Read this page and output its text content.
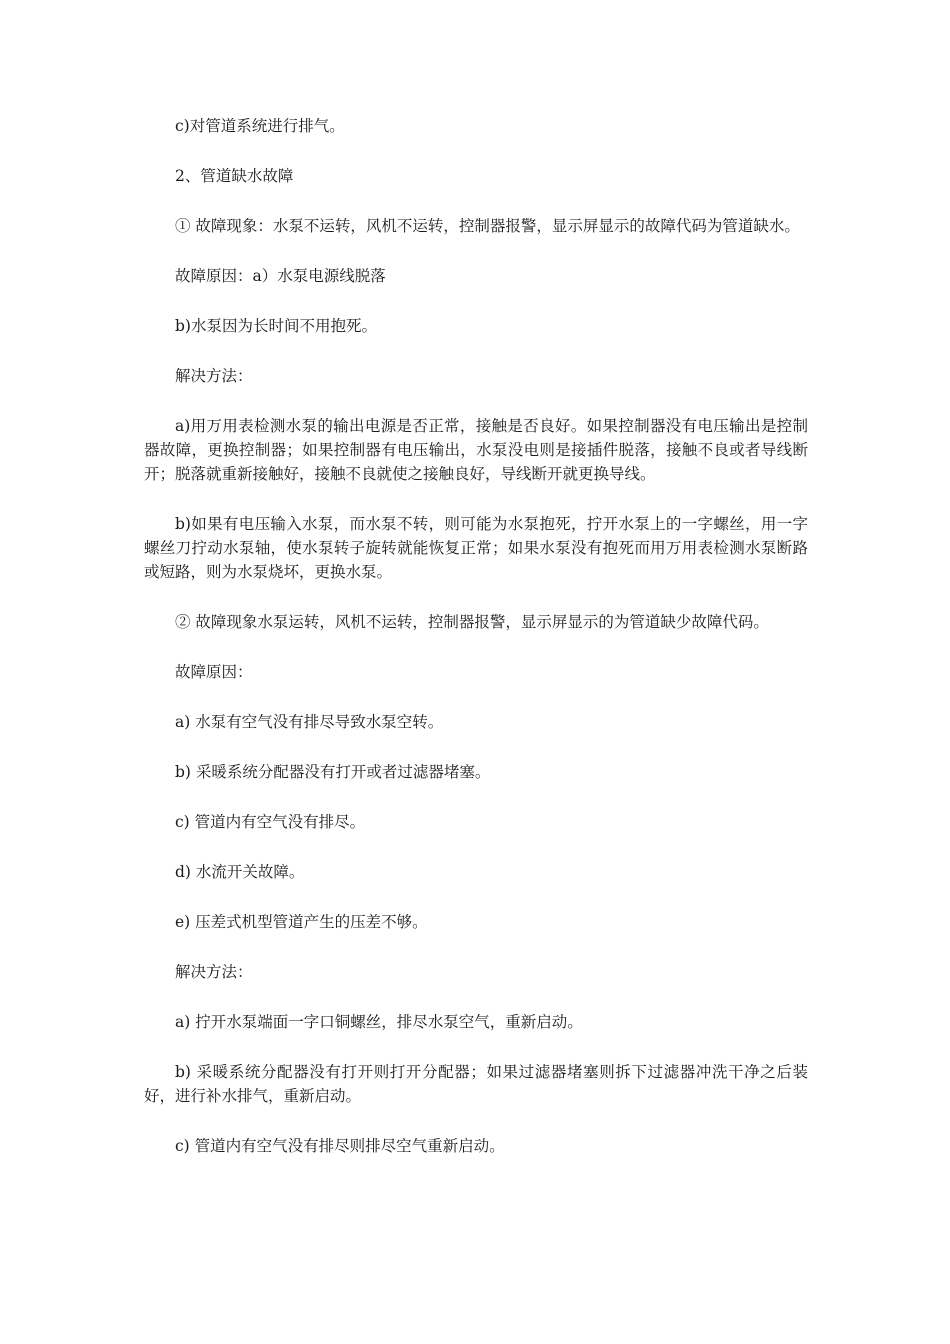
c)对管道系统进行排气。

2、管道缺水故障

① 故障现象：水泵不运转，风机不运转，控制器报警，显示屏显示的故障代码为管道缺水。

故障原因：a）水泵电源线脱落

b)水泵因为长时间不用抱死。

解决方法：

a)用万用表检测水泵的输出电源是否正常，接触是否良好。如果控制器没有电压输出是控制器故障，更换控制器；如果控制器有电压输出，水泵没电则是接插件脱落，接触不良或者导线断开；脱落就重新接触好，接触不良就使之接触良好，导线断开就更换导线。

b)如果有电压输入水泵，而水泵不转，则可能为水泵抱死，拧开水泵上的一字螺丝，用一字螺丝刀拧动水泵轴，使水泵转子旋转就能恢复正常；如果水泵没有抱死而用万用表检测水泵断路或短路，则为水泵烧坏，更换水泵。

② 故障现象水泵运转，风机不运转，控制器报警，显示屏显示的为管道缺少故障代码。

故障原因：

a) 水泵有空气没有排尽导致水泵空转。

b) 采暖系统分配器没有打开或者过滤器堵塞。

c) 管道内有空气没有排尽。

d) 水流开关故障。

e) 压差式机型管道产生的压差不够。

解决方法：

a) 拧开水泵端面一字口铜螺丝，排尽水泵空气，重新启动。

b) 采暖系统分配器没有打开则打开分配器；如果过滤器堵塞则拆下过滤器冲洗干净之后装好，进行补水排气，重新启动。

c) 管道内有空气没有排尽则排尽空气重新启动。
